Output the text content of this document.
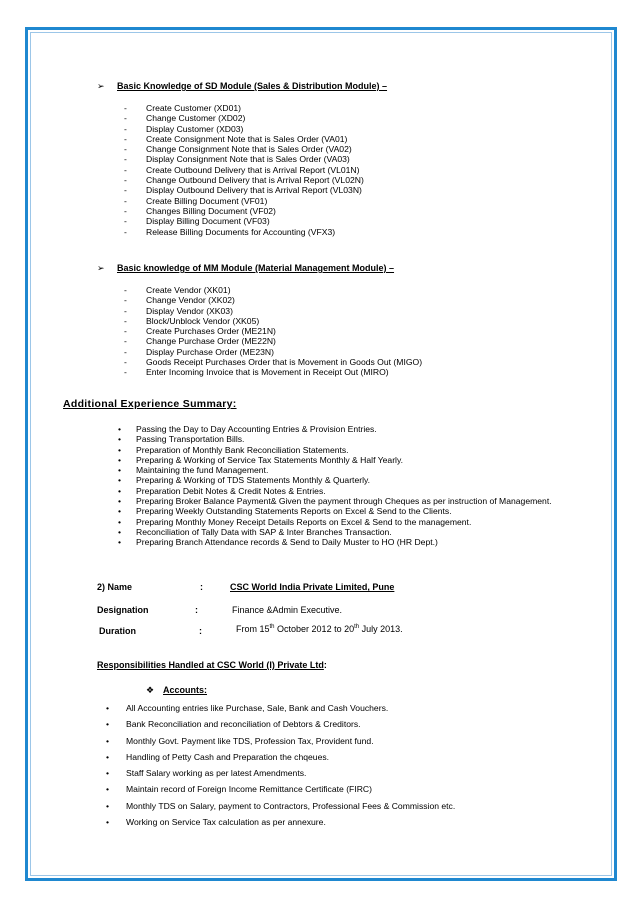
➢ Basic Knowledge of SD Module (Sales & Distribution Module) –
- Create Customer (XD01)
- Change Customer (XD02)
- Display Customer (XD03)
- Create Consignment Note that is Sales Order (VA01)
- Change Consignment Note that is Sales Order (VA02)
- Display Consignment Note that is Sales Order (VA03)
- Create Outbound Delivery that is Arrival Report (VL01N)
- Change Outbound Delivery that is Arrival Report (VL02N)
- Display Outbound Delivery that is Arrival Report (VL03N)
- Create Billing Document (VF01)
- Changes Billing Document (VF02)
- Display Billing Document (VF03)
- Release Billing Documents for Accounting (VFX3)
➢ Basic knowledge of MM Module (Material Management Module) –
- Create Vendor (XK01)
- Change Vendor (XK02)
- Display Vendor (XK03)
- Block/Unblock Vendor (XK05)
- Create Purchases Order (ME21N)
- Change Purchase Order (ME22N)
- Display Purchase Order (ME23N)
- Goods Receipt Purchases Order that is Movement in Goods Out (MIGO)
- Enter Incoming Invoice that is Movement in Receipt Out (MIRO)
Additional Experience Summary:
• Passing the Day to Day Accounting Entries & Provision Entries.
• Passing Transportation Bills.
• Preparation of Monthly Bank Reconciliation Statements.
• Preparing & Working of Service Tax Statements Monthly & Half Yearly.
• Maintaining the fund Management.
• Preparing & Working of TDS Statements Monthly & Quarterly.
• Preparation Debit Notes & Credit Notes & Entries.
• Preparing Broker Balance Payment& Given the payment through Cheques as per instruction of Management.
• Preparing Weekly Outstanding Statements Reports on Excel & Send to the Clients.
• Preparing Monthly Money Receipt Details Reports on Excel & Send to the management.
• Reconciliation of Tally Data with SAP & Inter Branches Transaction.
• Preparing Branch Attendance records & Send to Daily Muster to HO (HR Dept.)
2) Name	:	CSC World India Private Limited, Pune
Designation	:	Finance &Admin Executive.
Duration	:	From 15th October 2012 to 20th July 2013.
Responsibilities Handled at CSC World (I) Private Ltd:
❖ Accounts:
• All Accounting entries like Purchase, Sale, Bank and Cash Vouchers.
• Bank Reconciliation and reconciliation of Debtors & Creditors.
• Monthly Govt. Payment like TDS, Profession Tax, Provident fund.
• Handling of Petty Cash and Preparation the chqeues.
• Staff Salary working as per latest Amendments.
• Maintain record of Foreign Income Remittance Certificate (FIRC)
• Monthly TDS on Salary, payment to Contractors, Professional Fees & Commission etc.
• Working on Service Tax calculation as per annexure.
